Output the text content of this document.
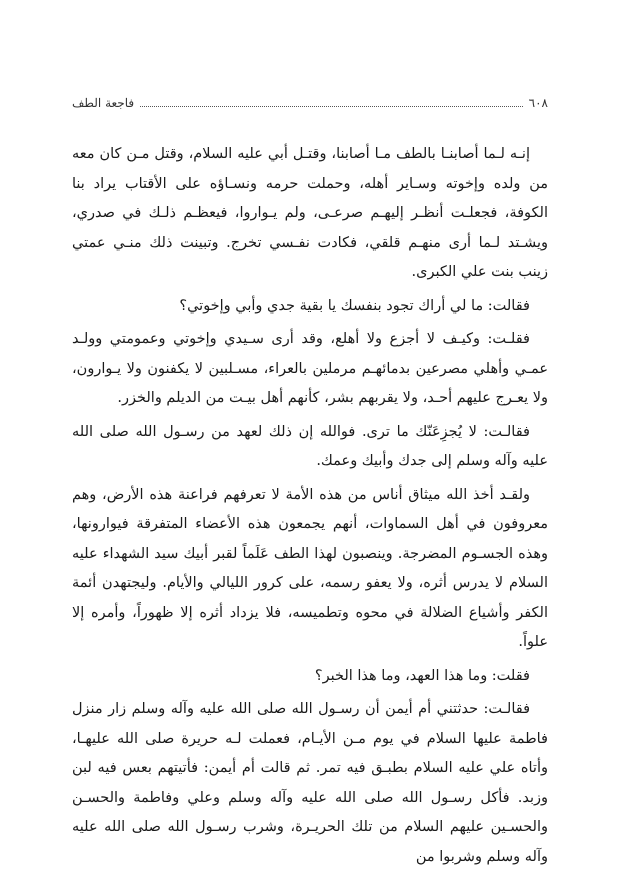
٦٠٨
فاجعة الطف

إنـه لـما أصابنـا بالطف مـا أصابنا، وقتـل أبي عليه السلام، وقتل مـن كان معه من ولده وإخوته وسـاير أهله، وحملت حرمه ونسـاؤه على الأقتاب يراد بنا الكوفة، فجعلـت أنظـر إليهـم صرعـى، ولم يـواروا، فيعظـم ذلـك في صدري، ويشـتد لـما أرى منهـم قلقي، فكادت نفـسي تخرج. وتبينت ذلك منـي عمتي زينب بنت علي الكبرى.

فقالت: ما لي أراك تجود بنفسك يا بقية جدي وأبي وإخوتي؟

فقلـت: وكيـف لا أجزع ولا أهلع، وقد أرى سـيدي وإخوتي وعمومتي وولـد عمـي وأهلي مصرعين بدمائهـم مرملين بالعراء، مسـلبين لا يكفنون ولا يـوارون، ولا يعـرج عليهم أحـد، ولا يقربهم بشر، كأنهم أهل بيـت من الديلم والخزر.

فقالـت: لا يُجزِعَنّك ما ترى. فوالله إن ذلك لعهد من رسـول الله صلى الله عليه وآله وسلم إلى جدك وأبيك وعمك.

ولقـد أخذ الله ميثاق أناس من هذه الأمة لا تعرفهم فراعنة هذه الأرض، وهم معروفون في أهل السماوات، أنهم يجمعون هذه الأعضاء المتفرقة فيوارونها، وهذه الجسـوم المضرجة. وينصبون لهذا الطف عَلَماً لقبر أبيك سيد الشهداء عليه السلام لا يدرس أثره، ولا يعفو رسمه، على كرور الليالي والأيام. وليجتهدن أئمة الكفر وأشياع الضلالة في محوه وتطميسه، فلا يزداد أثره إلا ظهوراً، وأمره إلا علواً.

فقلت: وما هذا العهد، وما هذا الخبر؟

فقالـت: حدثتني أم أيمن أن رسـول الله صلى الله عليه وآله وسلم زار منزل فاطمة عليها السلام في يوم مـن الأيـام، فعملت لـه حريرة صلى الله عليهـا، وأتاه علي عليه السلام بطبـق فيه تمر. ثم قالت أم أيمن: فأتيتهم بعس فيه لبن وزبد. فأكل رسـول الله صلى الله عليه وآله وسلم وعلي وفاطمة والحسـن والحسـين عليهم السلام من تلك الحريـرة، وشرب رسـول الله صلى الله عليه وآله وسلم وشربوا من
